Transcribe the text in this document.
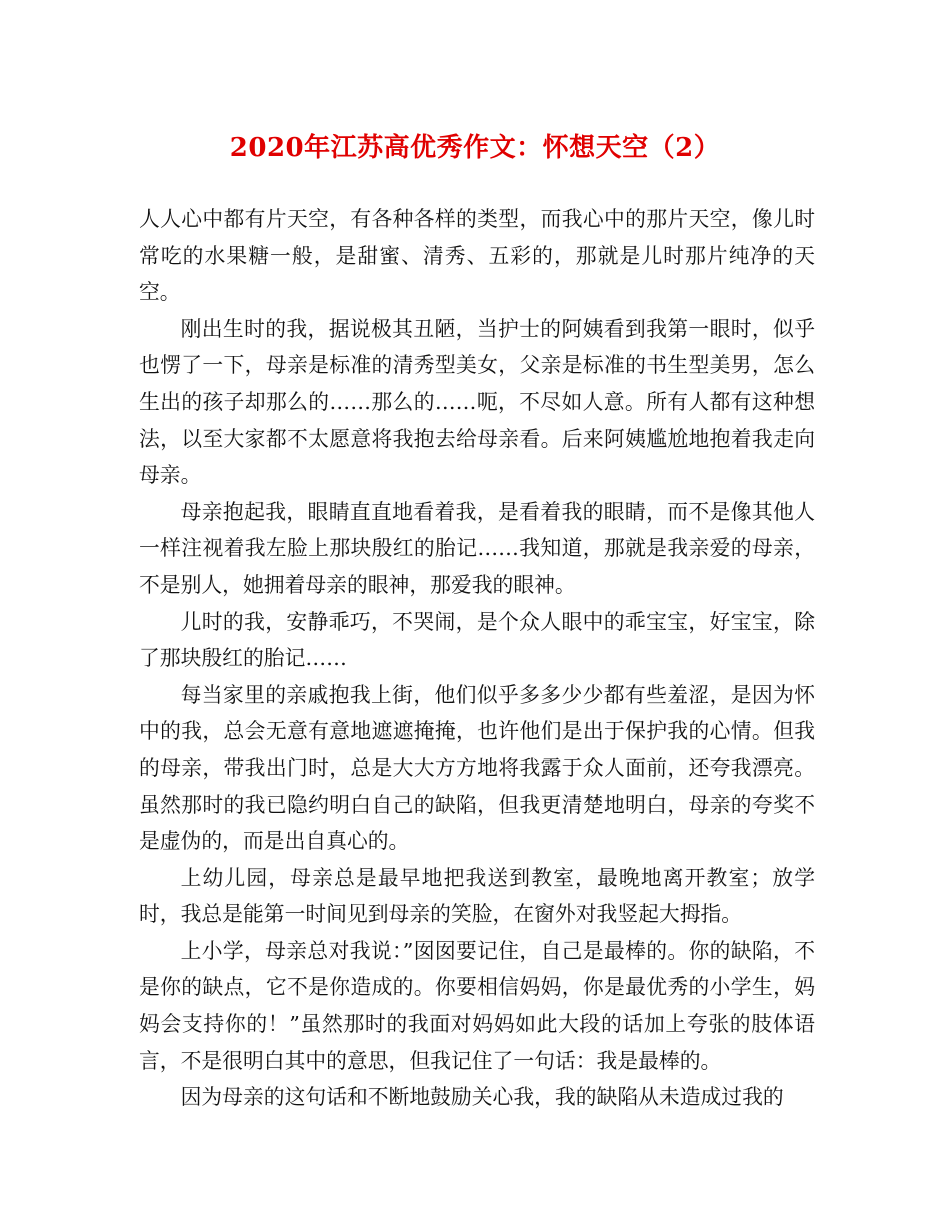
2020年江苏高优秀作文：怀想天空（2）

人人心中都有片天空，有各种各样的类型，而我心中的那片天空，像儿时常吃的水果糖一般，是甜蜜、清秀、五彩的，那就是儿时那片纯净的天空。

刚出生时的我，据说极其丑陋，当护士的阿姨看到我第一眼时，似乎也愣了一下，母亲是标准的清秀型美女，父亲是标准的书生型美男，怎么生出的孩子却那么的……那么的……呃，不尽如人意。所有人都有这种想法，以至大家都不太愿意将我抱去给母亲看。后来阿姨尴尬地抱着我走向母亲。

母亲抱起我，眼睛直直地看着我，是看着我的眼睛，而不是像其他人一样注视着我左脸上那块殷红的胎记……我知道，那就是我亲爱的母亲，不是别人，她拥着母亲的眼神，那爱我的眼神。

儿时的我，安静乖巧，不哭闹，是个众人眼中的乖宝宝，好宝宝，除了那块殷红的胎记……

每当家里的亲戚抱我上街，他们似乎多多少少都有些羞涩，是因为怀中的我，总会无意有意地遮遮掩掩，也许他们是出于保护我的心情。但我的母亲，带我出门时，总是大大方方地将我露于众人面前，还夸我漂亮。虽然那时的我已隐约明白自己的缺陷，但我更清楚地明白，母亲的夸奖不是虚伪的，而是出自真心的。

上幼儿园，母亲总是最早地把我送到教室，最晚地离开教室；放学时，我总是能第一时间见到母亲的笑脸，在窗外对我竖起大拇指。

上小学，母亲总对我说：”囡囡要记住，自己是最棒的。你的缺陷，不是你的缺点，它不是你造成的。你要相信妈妈，你是最优秀的小学生，妈妈会支持你的！”虽然那时的我面对妈妈如此大段的话加上夸张的肢体语言，不是很明白其中的意思，但我记住了一句话：我是最棒的。

因为母亲的这句话和不断地鼓励关心我，我的缺陷从未造成过我的
